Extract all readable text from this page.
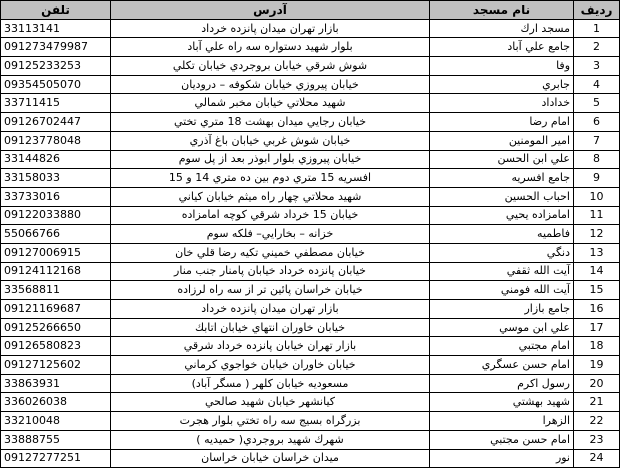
ردیف	نام مسجد	آدرس	تلفن
1	مسجد ارك	بازار تهران ميدان پانزده خرداد	33113141
2	جامع علي آباد	بلوار شهيد دستواره سه راه علي آباد	091273479987
3	وفا	شوش شرقي خيابان بروجردي خيابان تكلي	09125233253
4	جابري	خيابان پيروزي خيابان شكوفه – دروديان	09354505070
5	خداداد	شهيد محلاتي خيابان مخبر شمالي	33711415
6	امام رضا	خيابان رجايي ميدان بهشت 18 متري تختي	09126702447
7	امير المومنين	خيابان شوش غربي خيابان باغ آذري	09123778048
8	علي ابن الحسن	خيابان پيروزي بلوار ابوذر بعد از پل سوم	33144826
9	جامع افسريه	افسريه 15 متري دوم بين ده متري 14 و 15	33158033
10	احباب الحسين	شهيد محلاتي چهار راه ميثم خيابان كياني	33733016
11	امامزاده يحيي	خيابان 15 خرداد شرقي كوچه امامزاده	09122033880
12	فاطميه	خزانه – بخارايي– فلكه سوم	55066766
13	دنگي	خيابان مصطفي خميني تكيه رضا قلي خان	09127006915
14	آيت الله ثقفي	خيابان پانزده خرداد خيابان پامنار جنب منار	09124112168
15	آيت الله فومني	خيابان خراسان پائين تر از سه راه لرزاده	33568811
16	جامع بازار	بازار تهران ميدان پانزده خرداد	09121169687
17	علي ابن موسي	خيابان خاوران انتهاي خيابان اتابك	09125266650
18	امام مجتبي	بازار تهران خيابان پانزده خرداد شرقي	09126580823
19	امام حسن عسگري	خيابان خاوران خيابان خواجوي كرماني	09127125602
20	رسول اكرم	مسعوديه خيابان كلهر ( مسگر آباد)	33863931
21	شهيد بهشتي	كيانشهر خيابان شهيد صالحي	336026038
22	الزهرا	بزرگراه بسيج سه راه تختي بلوار هجرت	33210048
23	امام حسن مجتبي	شهرك شهيد بروجردي( حميديه )	33888755
24	نور	ميدان خراسان خيابان خراسان	09127277251
